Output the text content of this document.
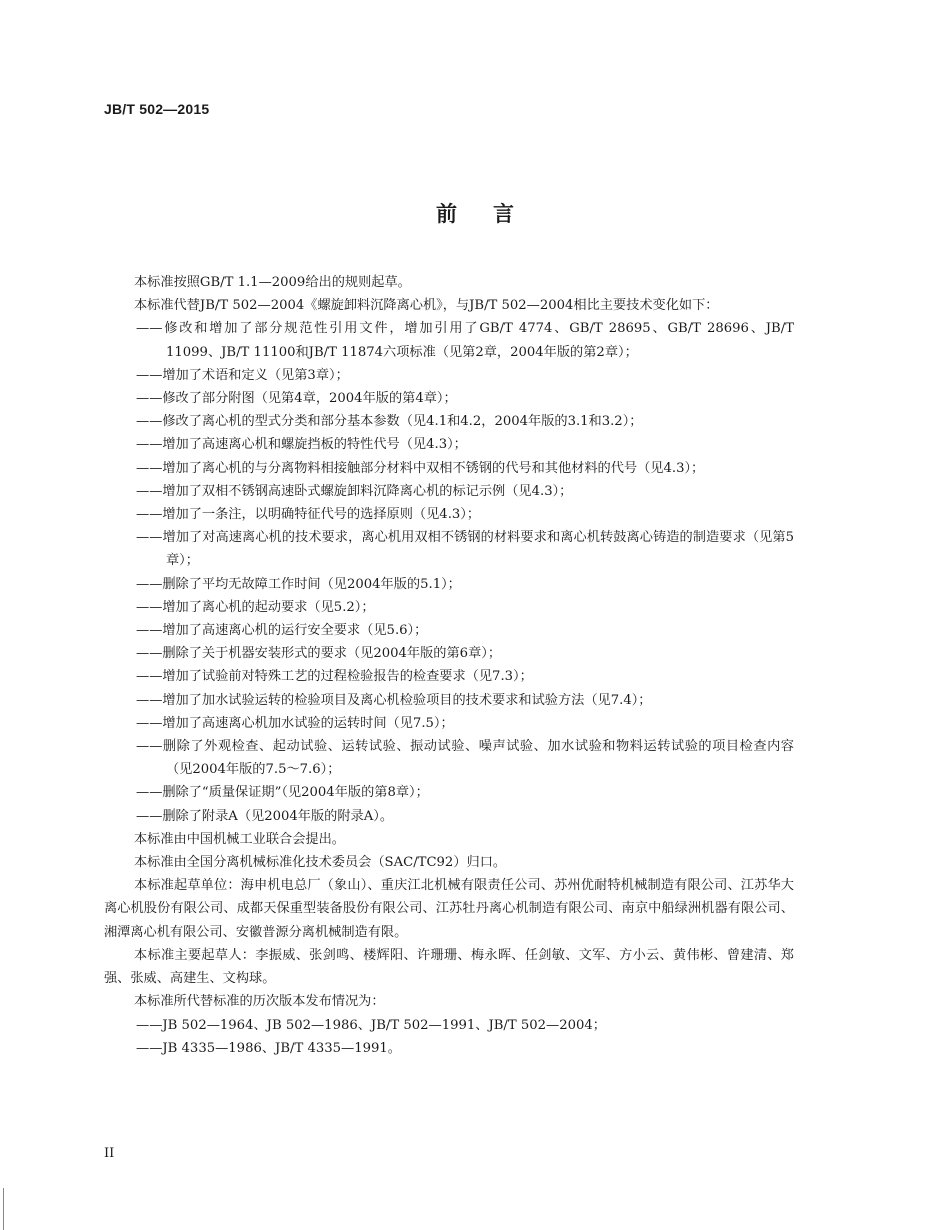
JB/T 502—2015
前言

本标准按照GB/T 1.1—2009给出的规则起草。

本标准代替JB/T 502—2004《螺旋卸料沉降离心机》，与JB/T 502—2004相比主要技术变化如下：

——修改和增加了部分规范性引用文件，增加引用了GB/T 4774、GB/T 28695、GB/T 28696、JB/T 11099、JB/T 11100和JB/T 11874六项标准（见第2章，2004年版的第2章）；

——增加了术语和定义（见第3章）；

——修改了部分附图（见第4章，2004年版的第4章）；

——修改了离心机的型式分类和部分基本参数（见4.1和4.2，2004年版的3.1和3.2）；

——增加了高速离心机和螺旋挡板的特性代号（见4.3）；

——增加了离心机的与分离物料相接触部分材料中双相不锈钢的代号和其他材料的代号（见4.3）；

——增加了双相不锈钢高速卧式螺旋卸料沉降离心机的标记示例（见4.3）；

——增加了一条注，以明确特征代号的选择原则（见4.3）；

——增加了对高速离心机的技术要求，离心机用双相不锈钢的材料要求和离心机转鼓离心铸造的制造要求（见第5章）；

——删除了平均无故障工作时间（见2004年版的5.1）；

——增加了离心机的起动要求（见5.2）；

——增加了高速离心机的运行安全要求（见5.6）；

——删除了关于机器安装形式的要求（见2004年版的第6章）；

——增加了试验前对特殊工艺的过程检验报告的检查要求（见7.3）；

——增加了加水试验运转的检验项目及离心机检验项目的技术要求和试验方法（见7.4）；

——增加了高速离心机加水试验的运转时间（见7.5）；

——删除了外观检查、起动试验、运转试验、振动试验、噪声试验、加水试验和物料运转试验的项目检查内容（见2004年版的7.5～7.6）；

——删除了“质量保证期”（见2004年版的第8章）；

——删除了附录A（见2004年版的附录A）。

本标准由中国机械工业联合会提出。

本标准由全国分离机械标准化技术委员会（SAC/TC92）归口。

本标准起草单位：海申机电总厂（象山）、重庆江北机械有限责任公司、苏州优耐特机械制造有限公司、江苏华大离心机股份有限公司、成都天保重型装备股份有限公司、江苏牡丹离心机制造有限公司、南京中船绿洲机器有限公司、湘潭离心机有限公司、安徽普源分离机械制造有限。

本标准主要起草人：李振威、张剑鸣、楼辉阳、许珊珊、梅永晖、任剑敏、文军、方小云、黄伟彬、曾建清、郑强、张威、高建生、文构球。

本标准所代替标准的历次版本发布情况为：

——JB 502—1964、JB 502—1986、JB/T 502—1991、JB/T 502—2004；

——JB 4335—1986、JB/T 4335—1991。

II
